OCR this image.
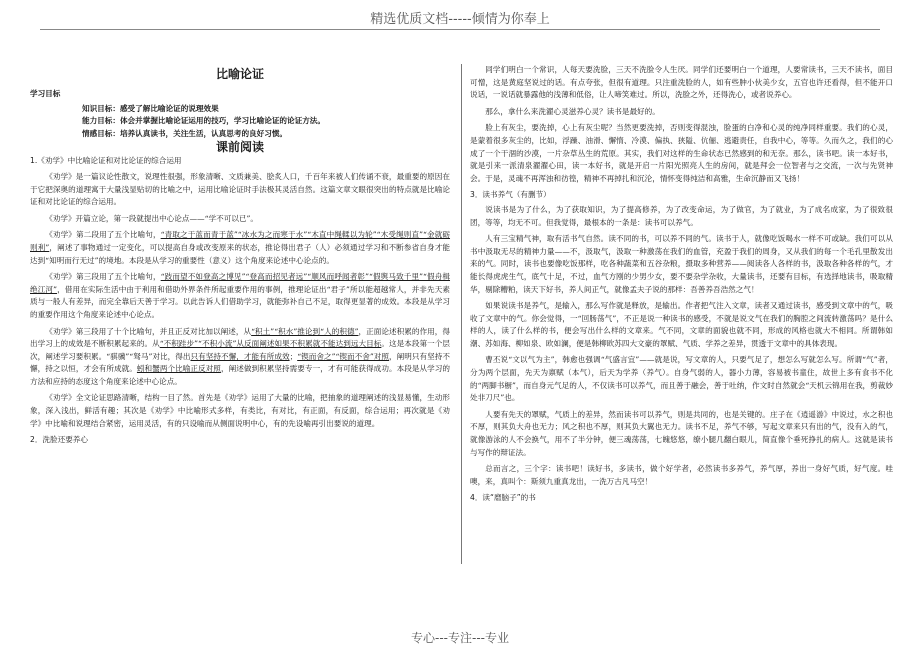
精选优质文档-----倾情为你奉上
比喻论证
学习目标
知识目标：感受了解比喻论证的说理效果
能力目标：体会并掌握比喻论证运用的技巧，学习比喻论证的论证方法。
情感目标：培养认真读书，关注生活，认真思考的良好习惯。
课前阅读
1.《劝学》中比喻论证和对比论证的综合运用

《劝学》是一篇议论性散文，说理性很强，形象清晰、文质兼美、脍炙人口，千百年来被人们传诵不衰，最重要的原因在于它把深奥的道理寓于大量浅显贴切的比喻之中，运用比喻论证时手法极其灵活自然。这篇文章文眼很突出的特点就是比喻论证和对比论证的综合运用。

《劝学》开篇立论，第一段就提出中心论点——“学不可以已”。

《劝学》第二段用了五个比喻句，“青取之于蓝而青于蓝”“冰水为之而寒于水”“木直中绳輮以为轮”“木受绳则直”“金就砺则利”，阐述了事物通过一定变化，可以提高自身或改变原来的状态，推论得出君子（人）必须通过学习和不断参省自身才能达到“知明而行无过”的境地。本段是从学习的重要性（意义）这个角度来论述中心论点的。

《劝学》第三段用了五个比喻句，“跂而望不如登高之博见”“登高而招见者远”“顺风而呼闻者彰”“假舆马致千里”“假舟楫绝江河”，借用在实际生活中由于利用和借助外界条件所起重要作用的事例，推理论证出“君子”所以能超越常人，并非先天素质与一般人有差异，而完全靠后天善于学习。以此告诉人们借助学习，就能弥补自己不足，取得更显著的成效。本段是从学习的重要作用这个角度来论述中心论点。

《劝学》第三段用了十个比喻句，并且正反对比加以阐述，从“积土”“积水”推论到“人的积德”，正面论述积累的作用，得出学习上的成效是不断积累起来的。从“不积跬步”“不积小流”从反面阐述如果不积累就不能达到远大目标。这是本段第一个层次，阐述学习要积累。“骐骥”“驽马”对比，得出只有坚持不懈，才能有所成效；“锲而舍之”“锲而不舍”对照，阐明只有坚持不懈，持之以恒，才会有所成就。蚓和蟹两个比喻正反对照，阐述做到积累坚持需要专一，才有可能获得成功。本段是从学习的方法和应持的态度这个角度来论述中心论点。

《劝学》全文论证思路清晰，结构一目了然。首先是《劝学》运用了大量的比喻，把抽象的道理阐述的浅显易懂，生动形象，深入浅出，鲜活有趣；其次是《劝学》中比喻形式多样，有类比，有对比，有正面，有反面，综合运用；再次就是《劝学》中比喻和说理结合紧密，运用灵活，有的只设喻而从侧面说明中心，有的先设喻再引出要说的道理。

2．洗脸还要养心

同学们明白一个常识，人每天要洗脸，三天不洗脸令人生厌。同学们还要明白一个道理，人要常读书，三天不读书，面目可憎，这是黄庭坚说过的话。有点夸张，但很有道理。只注重洗脸的人，如有些肿小伙美少女，五官也许还看得，但不能开口说话，一说话就暴露他的浅薄和低俗，让人啼笑难过。所以，洗脸之外，还得洗心，或者说养心。

那么，拿什么来洗濯心灵滋养心灵？读书是最好的。

脸上有灰尘，要洗掉，心上有灰尘呢？当然更要洗掉，否则变得混浊，脸蛋的白净和心灵的纯净同样重要。我们的心灵，是蒙着很多灰尘的，比如，浮躁、油滑、懈惰、冷漠、偏执、狭隘、伉俪、逃避责任，自我中心，等等。久而久之，我们的心成了一个干涸的沙漠，一片杂草丛生的荒原。其实，我们对这样的生命状态已然感到的和无奈。那么，读书吧。读一本好书，就是引来一派清泉濯濯心田，读一本好书，就是开启一片阳光照亮人生的房间，就是拜会一位智者与之交流，一次与先贤神会。于是，灵魂不再浑浊和彷徨，精神不再掉扎和沉沦，情怀变得纯洁和高雅，生命沉静而又飞扬！

3．读书养气（有删节）

说读书是为了什么，为了获取知识，为了提高修养，为了改变命运，为了做官，为了就业，为了成名成家，为了很致很团，等等，均无不可。但我觉得，最根本的一条是：读书可以养气。

人有三宝精气神，取有活书气自然。读不同的书，可以养不同的气。读书于人，就像吃饭喝水一样不可或缺。我们可以从书中汲取无尽的精神力量——不，汲取气，汲取一种激荡在我们的血管，充盈于我们的周身，又从我们的每一个毛孔里散发出来的气。同时，读书也要像吃饭那样，吃各种蔬菜和五谷杂粮，摄取多种营养——阅读各人各样的书，汲取各种各样的气，才能长得虎虎生气，底气十足，不过，血气方刚的少男少女，要不要杂学杂收，大量读书，还要有目标，有选择地读书，吸取精华，剔除糟粕，读天下好书，养人间正气，就像孟夫子说的那样：吾善养吾浩然之气！

如果说读书是养气，是输入，那么写作就是释放，是输出。作者把气注入文章，读者又通过读书，感受到文章中的气，吸收了文章中的气。你会觉得，一“回肠荡气”，不正是说一种读书的感受，不就是说文气在我们的胸腔之间流转激荡吗？是什么样的人，读了什么样的书，便会写出什么样的文章来。气不同，文章的面貌也就不同，形成的风格也就大不相同。所谓韩如潮、苏如海、柳如泉、欧如澜，便是韩柳欧苏四大文豪的罩赋、气质、学养之差异，贯透于文章中的具体表现。

曹丕说“文以气为主”，韩愈也强调“气盛言宜”——就是说，写文章的人，只要气足了，想怎么写就怎么写。所谓“气”者，分为两个层面，先天为禀赋（本气），后天为学养（养气）。自身气弱的人，器小力薄，容易被书童住，故世上多有食书不化的“两脚书橱”，而自身元气足的人，不仅读书可以养气，而且善于融会，善于吐纳，作文时自然就会“天机云锦用在我，剪裁妙处非刀尺”也。

人要有先天的罩赋，气质上的差异，然而读书可以养气，则是共同的，也是关键的。庄子在《逍遥游》中说过，水之积也不厚，则其负大舟也无力；风之积也不厚，则其负大翼也无力。读书不足，养气不够，写起文章来只有出的气，没有入的气，就像游泳的人不会换气，用不了半分钟，便三魂荡荡，七魄悠悠，缭小腿几翻白眼儿，简直像个垂死挣扎的病人。这就是读书与写作的辩证法。

总而言之，三个字：读书吧！读好书，多读书，做个好学者，必然读书多养气，养气厚，养出一身好气质，好气度。哇噢，来，真叫个：斯须九重真龙出，一洗万古凡马空！

4．读“磨脑子”的书
专心---专注---专业
